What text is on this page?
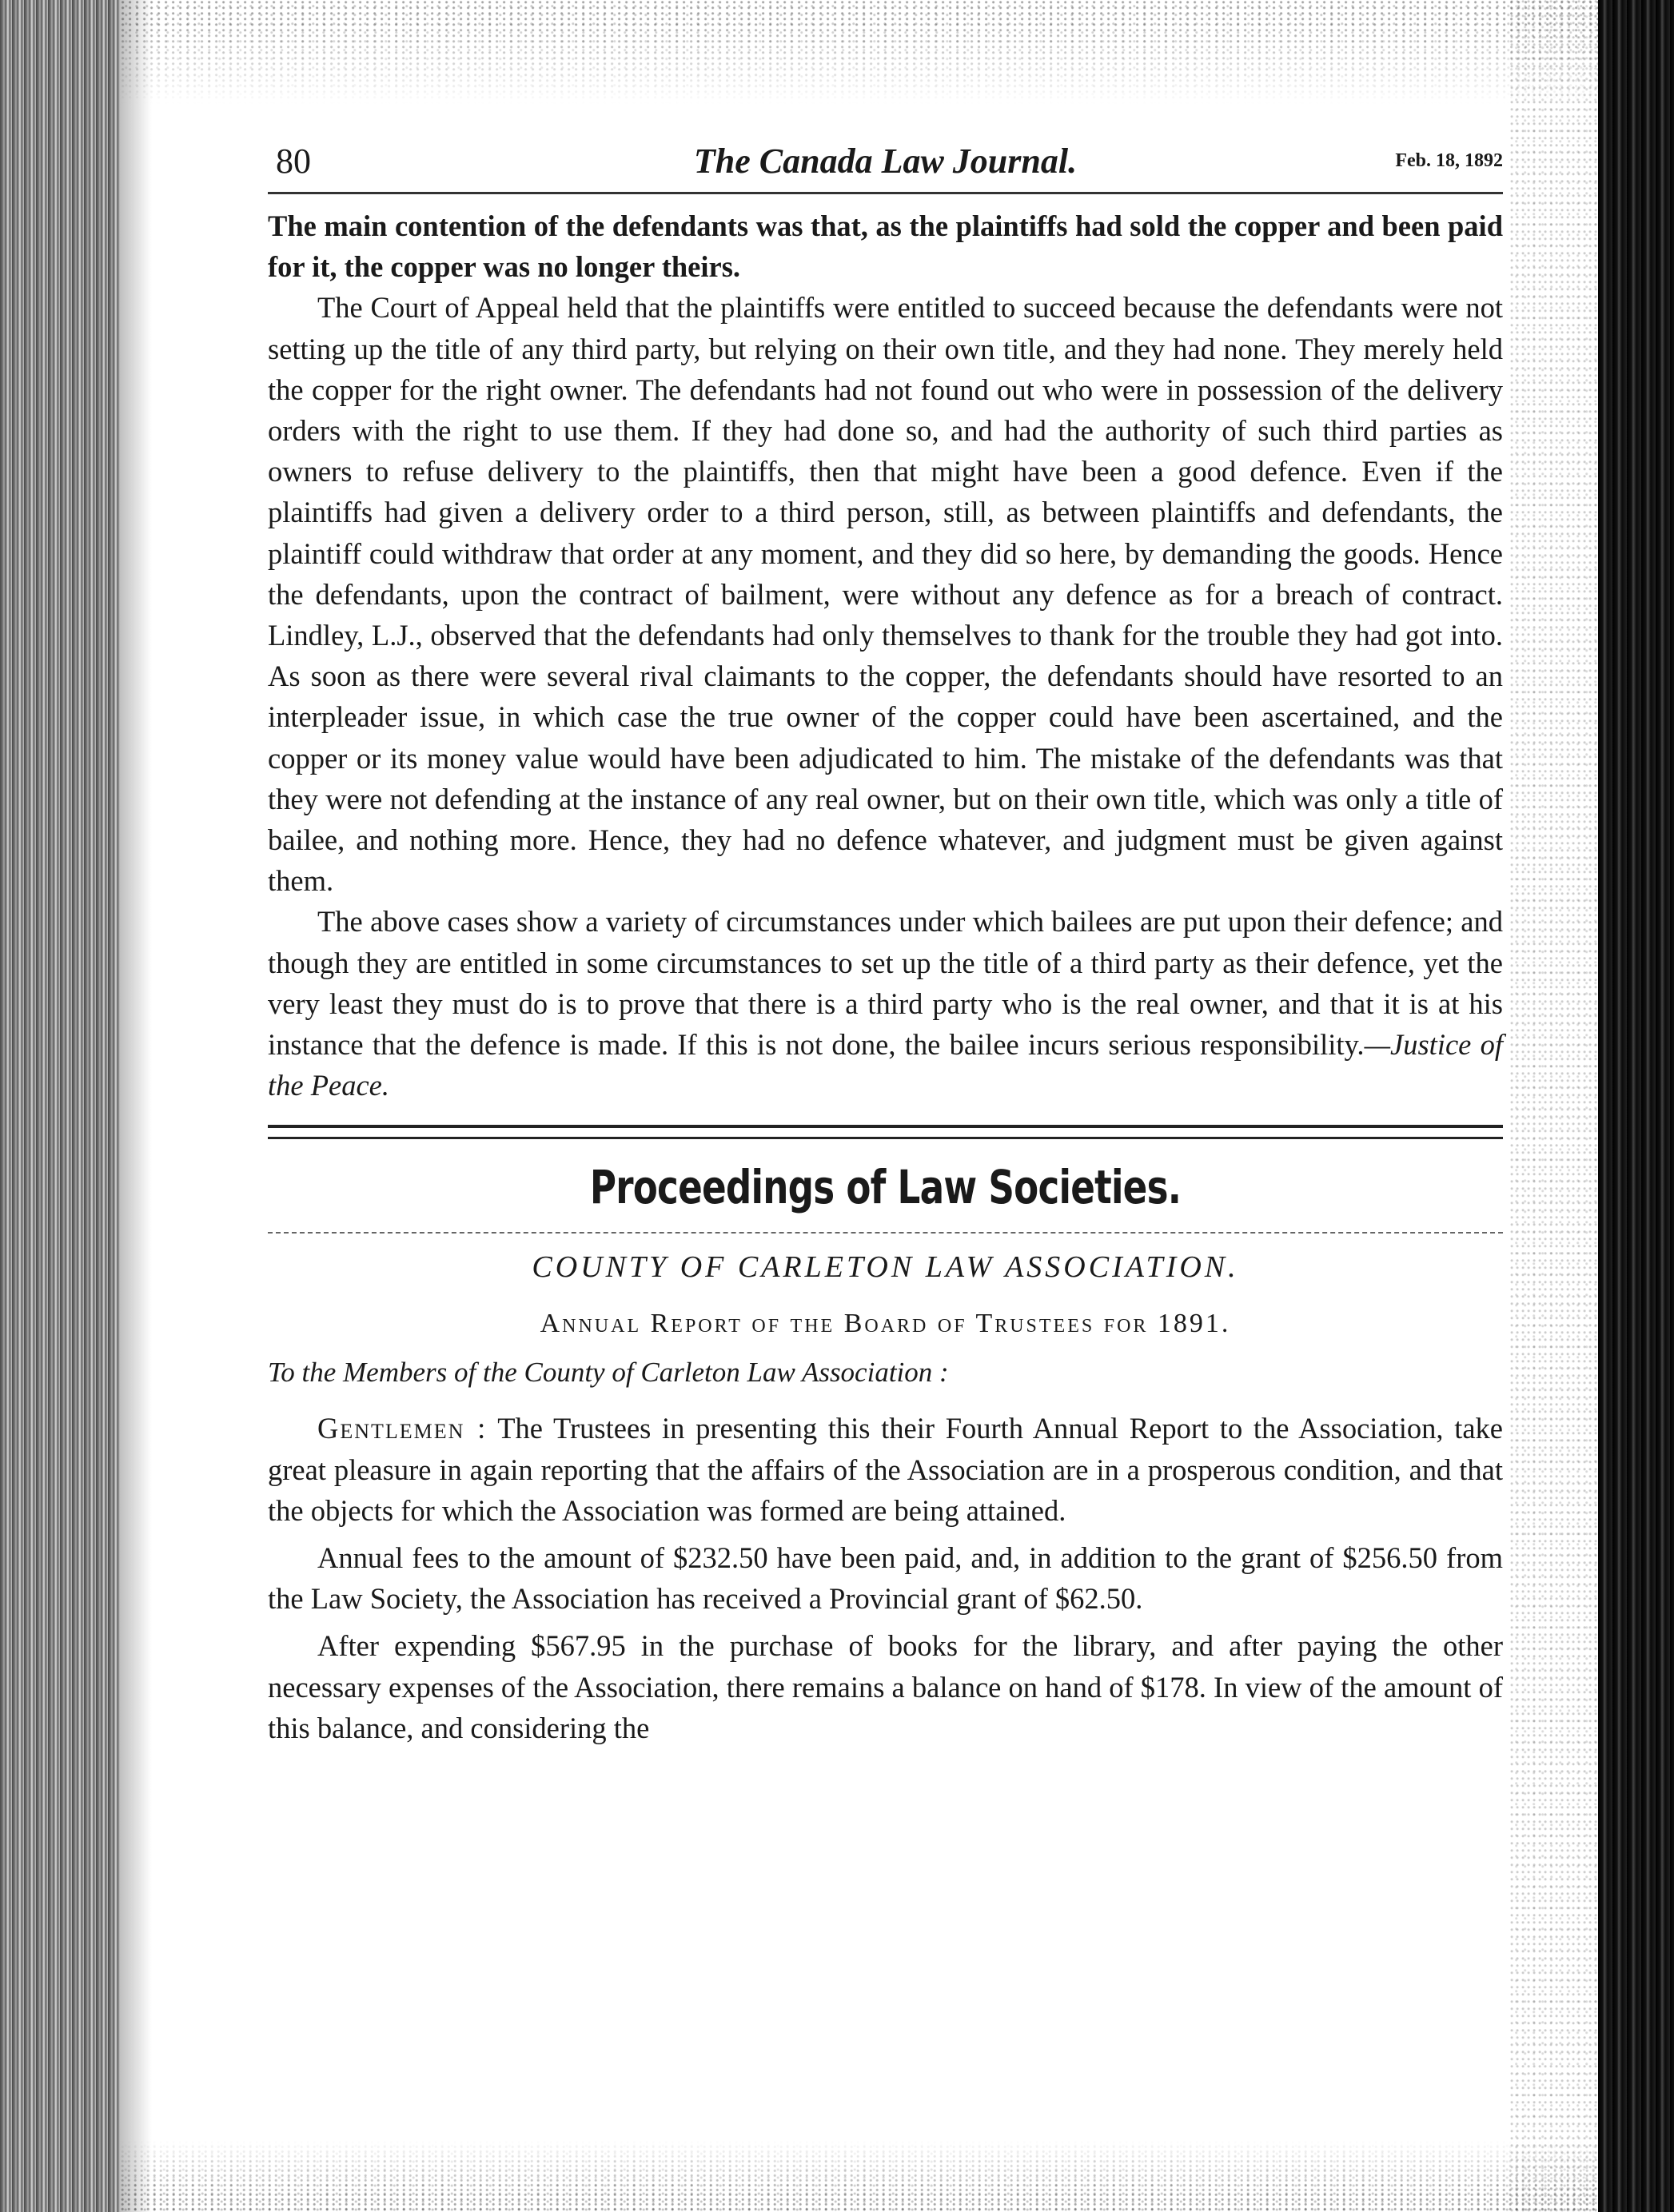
80	The Canada Law Journal.	Feb. 18, 1892

The main contention of the defendants was that, as the plaintiffs had sold the copper and been paid for it, the copper was no longer theirs.

The Court of Appeal held that the plaintiffs were entitled to succeed because the defendants were not setting up the title of any third party, but relying on their own title, and they had none. They merely held the copper for the right owner. The defendants had not found out who were in possession of the delivery orders with the right to use them. If they had done so, and had the authority of such third parties as owners to refuse delivery to the plaintiffs, then that might have been a good defence. Even if the plaintiffs had given a delivery order to a third person, still, as between plaintiffs and defendants, the plaintiff could withdraw that order at any moment, and they did so here, by demanding the goods. Hence the defendants, upon the contract of bailment, were without any defence as for a breach of contract. Lindley, L.J., observed that the defendants had only themselves to thank for the trouble they had got into. As soon as there were several rival claimants to the copper, the defendants should have resorted to an interpleader issue, in which case the true owner of the copper could have been ascertained, and the copper or its money value would have been adjudicated to him. The mistake of the defendants was that they were not defending at the instance of any real owner, but on their own title, which was only a title of bailee, and nothing more. Hence, they had no defence whatever, and judgment must be given against them.

The above cases show a variety of circumstances under which bailees are put upon their defence; and though they are entitled in some circumstances to set up the title of a third party as their defence, yet the very least they must do is to prove that there is a third party who is the real owner, and that it is at his instance that the defence is made. If this is not done, the bailee incurs serious responsibility.—Justice of the Peace.

Proceedings of Law Societies.
COUNTY OF CARLETON LAW ASSOCIATION.
Annual Report of the Board of Trustees for 1891.
To the Members of the County of Carleton Law Association :

Gentlemen : The Trustees in presenting this their Fourth Annual Report to the Association, take great pleasure in again reporting that the affairs of the Association are in a prosperous condition, and that the objects for which the Association was formed are being attained.

Annual fees to the amount of $232.50 have been paid, and, in addition to the grant of $256.50 from the Law Society, the Association has received a Provincial grant of $62.50.

After expending $567.95 in the purchase of books for the library, and after paying the other necessary expenses of the Association, there remains a balance on hand of $178. In view of the amount of this balance, and considering the
